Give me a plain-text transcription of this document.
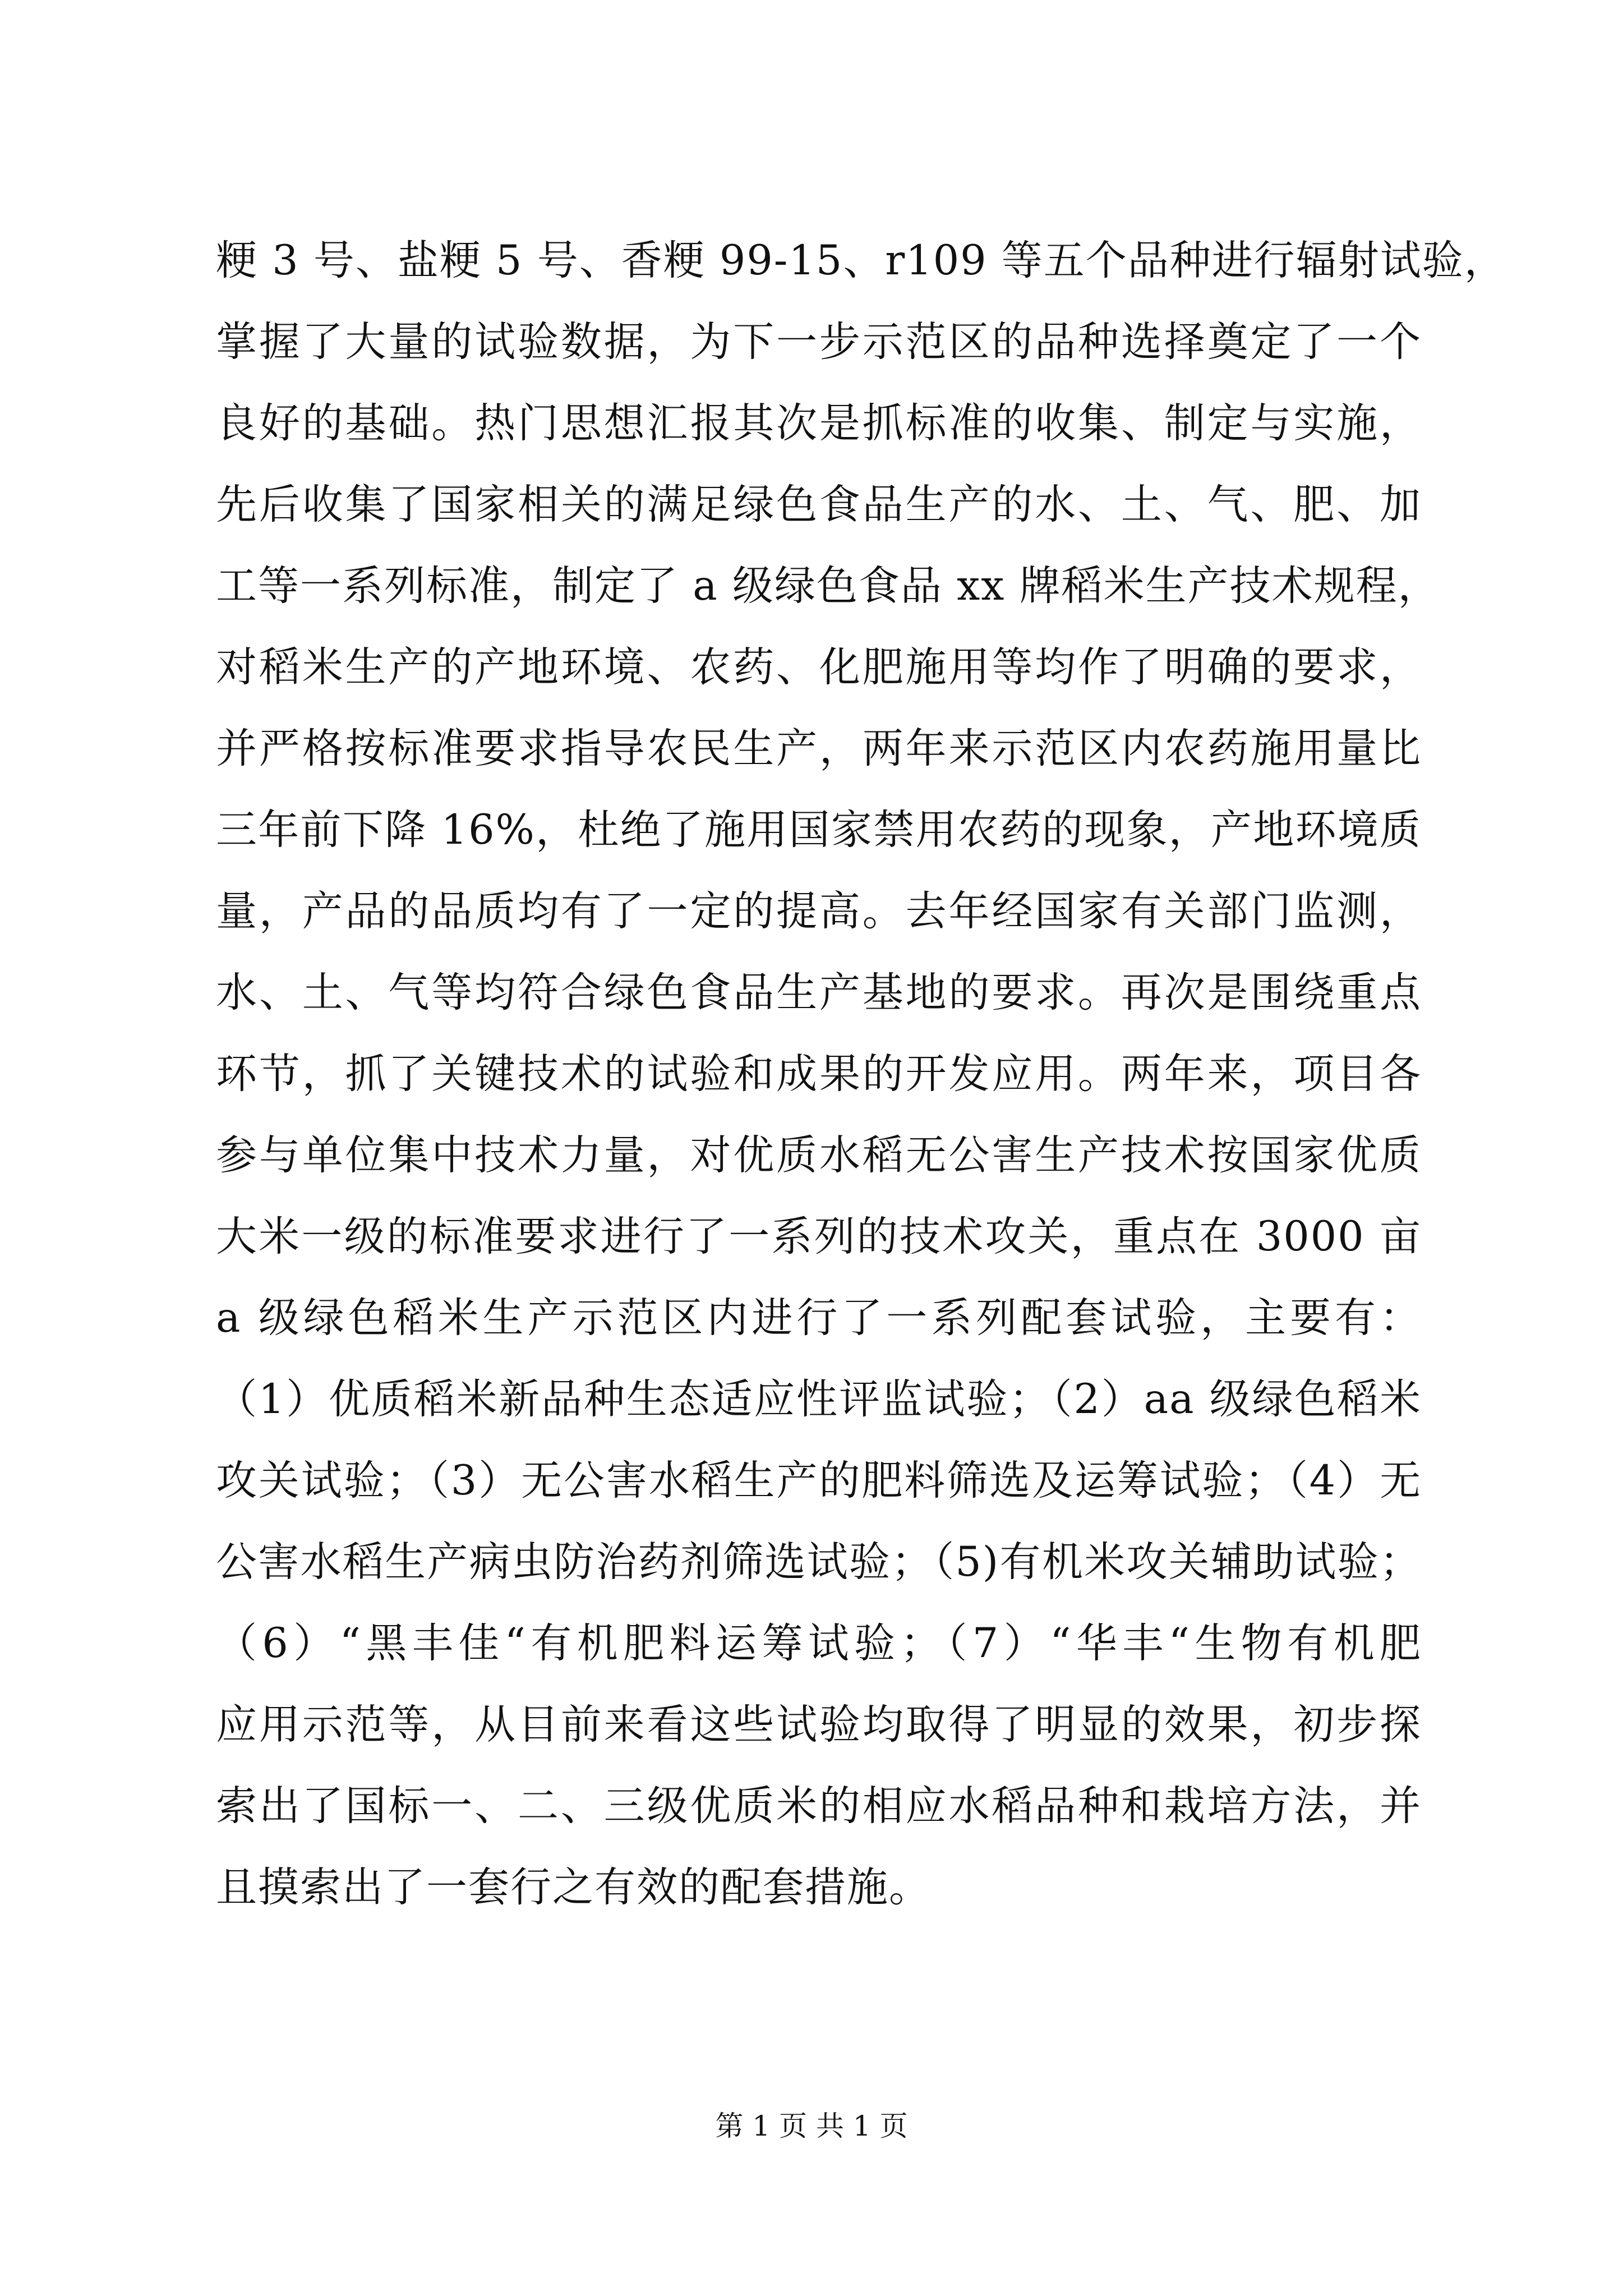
粳 3 号、盐粳 5 号、香粳 99-15、r109 等五个品种进行辐射试验，
掌握了大量的试验数据，为下一步示范区的品种选择奠定了一个
良好的基础。热门思想汇报其次是抓标准的收集、制定与实施，
先后收集了国家相关的满足绿色食品生产的水、土、气、肥、加
工等一系列标准，制定了 a 级绿色食品 xx 牌稻米生产技术规程，
对稻米生产的产地环境、农药、化肥施用等均作了明确的要求，
并严格按标准要求指导农民生产，两年来示范区内农药施用量比
三年前下降 16%，杜绝了施用国家禁用农药的现象，产地环境质
量，产品的品质均有了一定的提高。去年经国家有关部门监测，
水、土、气等均符合绿色食品生产基地的要求。再次是围绕重点
环节，抓了关键技术的试验和成果的开发应用。两年来，项目各
参与单位集中技术力量，对优质水稻无公害生产技术按国家优质
大米一级的标准要求进行了一系列的技术攻关，重点在 3000 亩
a 级绿色稻米生产示范区内进行了一系列配套试验，主要有：
（1）优质稻米新品种生态适应性评监试验；（2）aa 级绿色稻米
攻关试验；（3）无公害水稻生产的肥料筛选及运筹试验；（4）无
公害水稻生产病虫防治药剂筛选试验；（5)有机米攻关辅助试验；
（6）“黑丰佳“有机肥料运筹试验；（7）“华丰“生物有机肥
应用示范等，从目前来看这些试验均取得了明显的效果，初步探
索出了国标一、二、三级优质米的相应水稻品种和栽培方法，并
且摸索出了一套行之有效的配套措施。
第 1 页 共 1 页
